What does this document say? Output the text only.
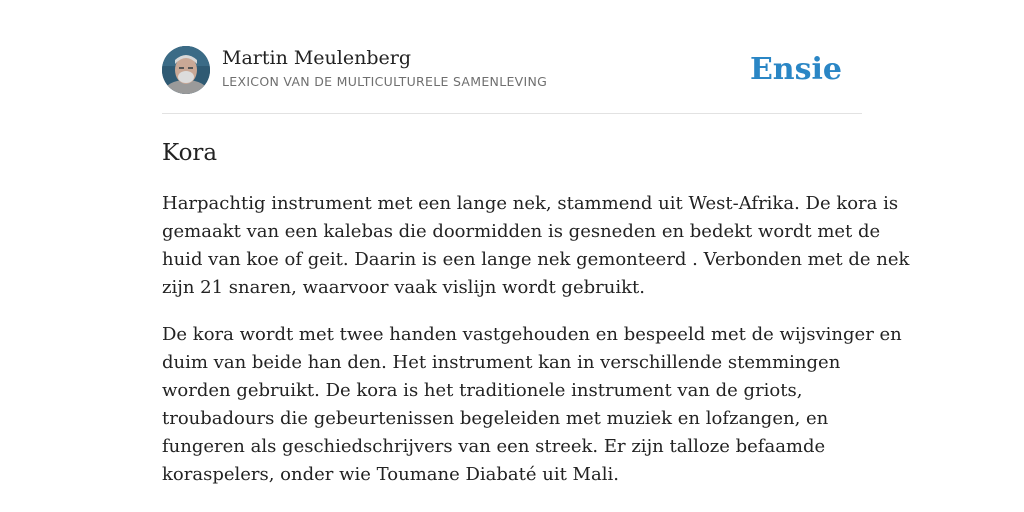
Martin Meulenberg
LEXICON VAN DE MULTICULTURELE SAMENLEVING	Ensie
Kora

Harpachtig instrument met een lange nek, stammend uit West-Afrika. De kora is
gemaakt van een kalebas die doormidden is gesneden en bedekt wordt met de
huid van koe of geit. Daarin is een lange nek gemonteerd . Verbonden met de nek
zijn 21 snaren, waarvoor vaak vislijn wordt gebruikt.

De kora wordt met twee handen vastgehouden en bespeeld met de wijsvinger en
duim van beide han den. Het instrument kan in verschillende stemmingen
worden gebruikt. De kora is het traditionele instrument van de griots,
troubadours die gebeurtenissen begeleiden met muziek en lofzangen, en
fungeren als geschiedschrijvers van een streek. Er zijn talloze befaamde
koraspelers, onder wie Toumane Diabaté uit Mali.
